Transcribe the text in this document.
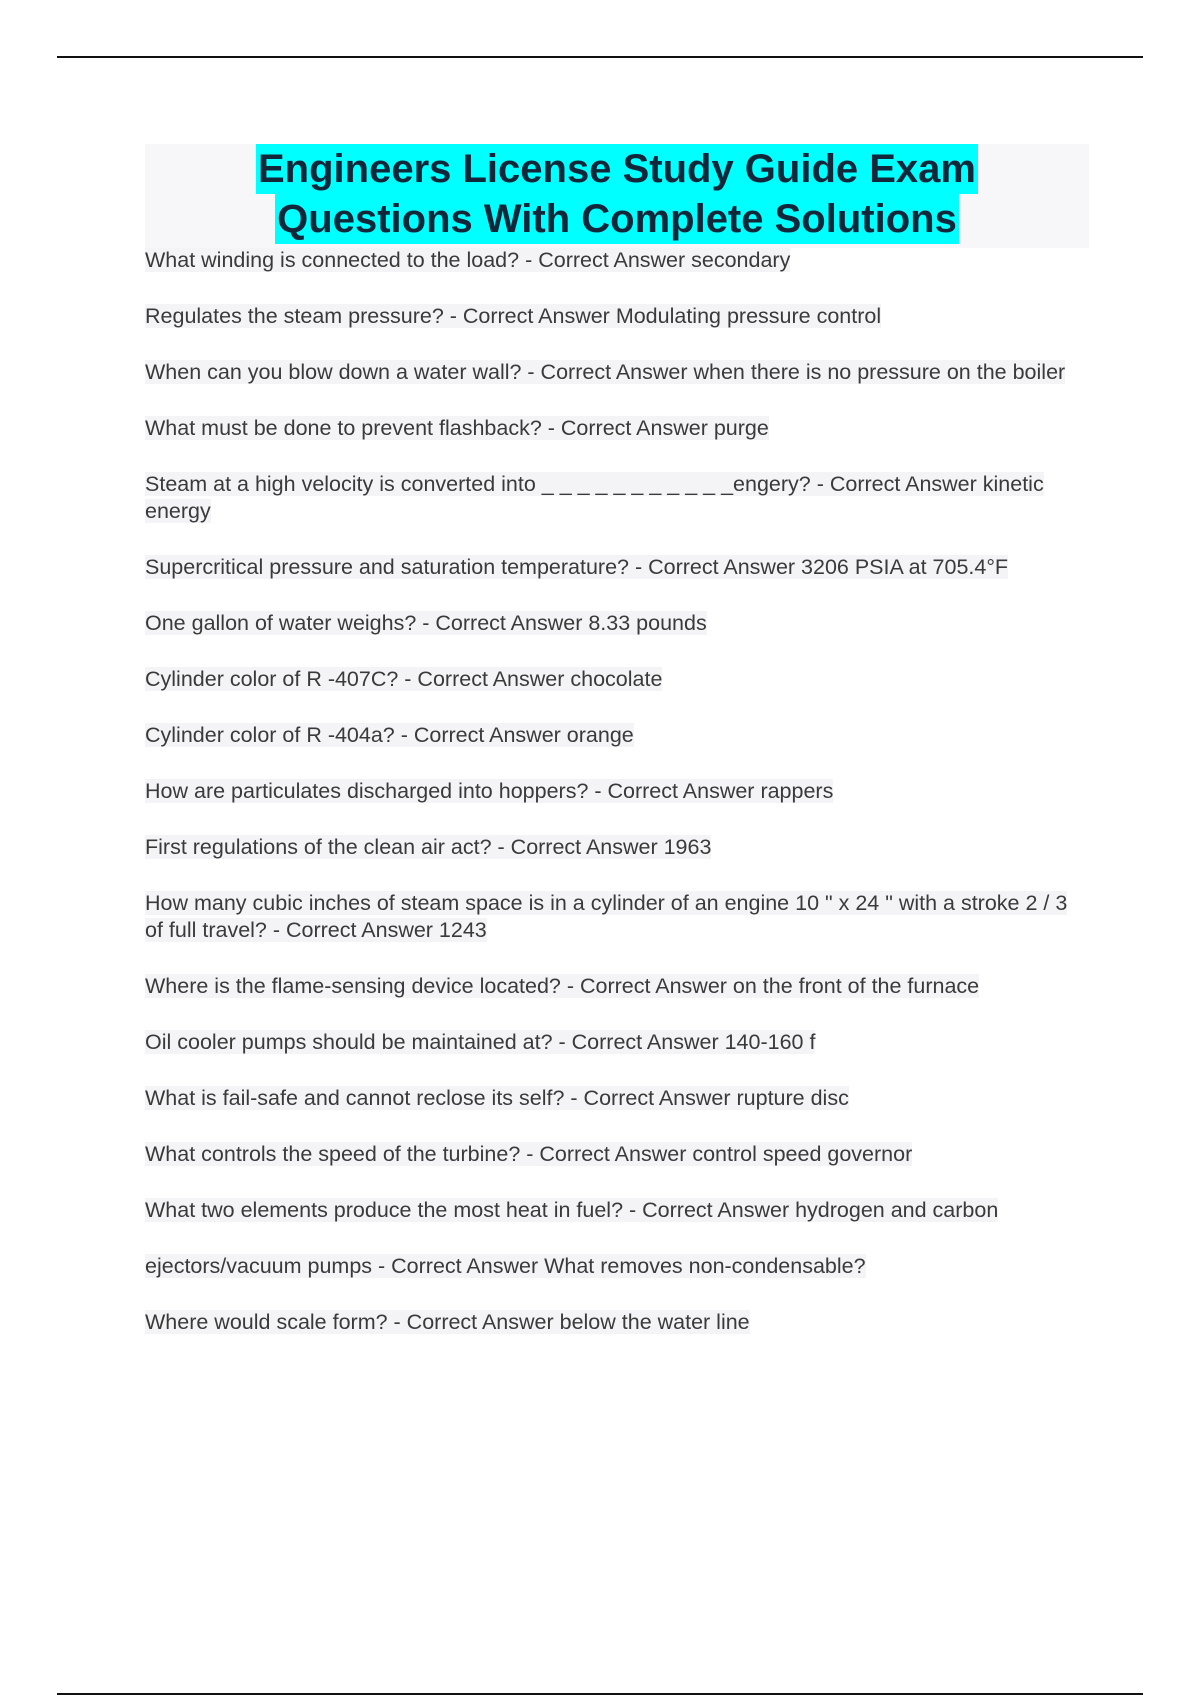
Engineers License Study Guide Exam
Questions With Complete Solutions
What winding is connected to the load? - Correct Answer secondary
Regulates the steam pressure? - Correct Answer Modulating pressure control
When can you blow down a water wall? - Correct Answer when there is no pressure on the boiler
What must be done to prevent flashback? - Correct Answer purge
Steam at a high velocity is converted into _ _ _ _ _ _ _ _ _ _ _engery? - Correct Answer kinetic energy
Supercritical pressure and saturation temperature? - Correct Answer 3206 PSIA at 705.4°F
One gallon of water weighs? - Correct Answer 8.33 pounds
Cylinder color of R -407C? - Correct Answer chocolate
Cylinder color of R -404a? - Correct Answer orange
How are particulates discharged into hoppers? - Correct Answer rappers
First regulations of the clean air act? - Correct Answer 1963
How many cubic inches of steam space is in a cylinder of an engine 10 " x 24 " with a stroke 2 / 3 of full travel? - Correct Answer 1243
Where is the flame-sensing device located? - Correct Answer on the front of the furnace
Oil cooler pumps should be maintained at? - Correct Answer 140-160 f
What is fail-safe and cannot reclose its self? - Correct Answer rupture disc
What controls the speed of the turbine? - Correct Answer control speed governor
What two elements produce the most heat in fuel? - Correct Answer hydrogen and carbon
ejectors/vacuum pumps - Correct Answer What removes non-condensable?
Where would scale form? - Correct Answer below the water line
